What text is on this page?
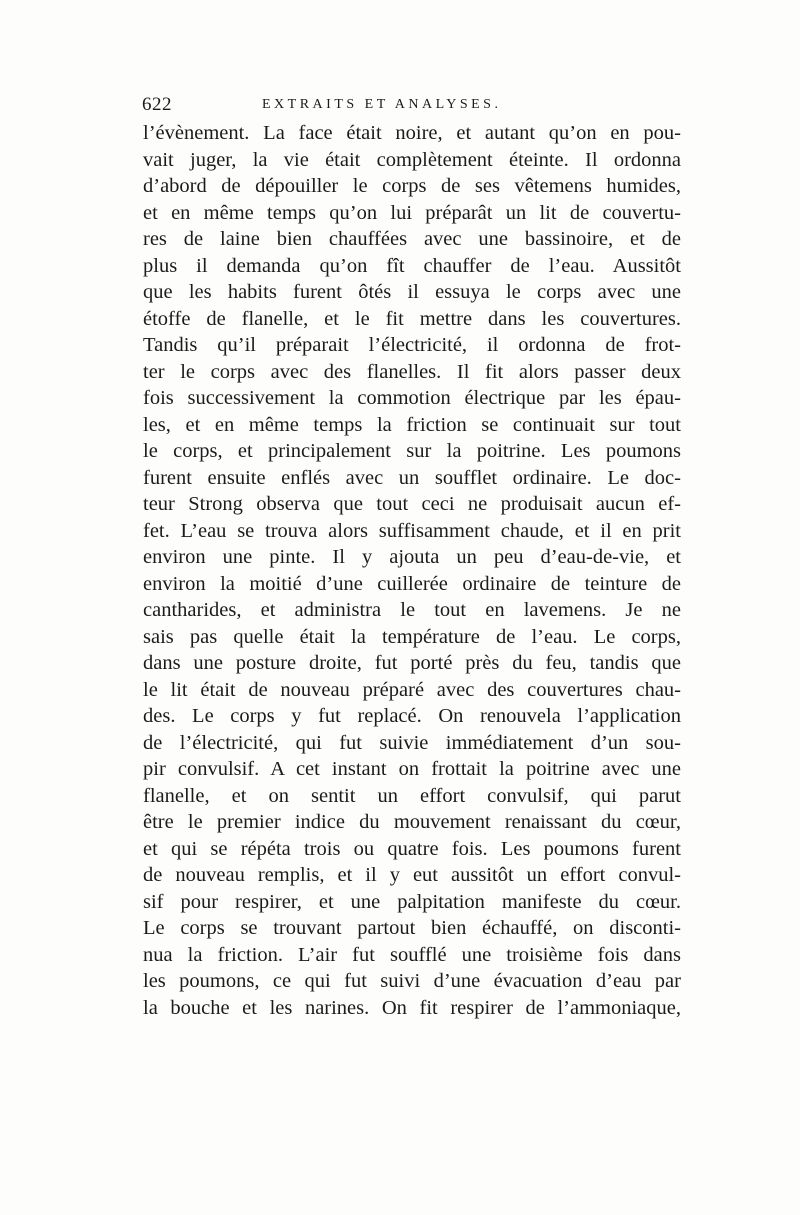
622	EXTRAITS ET ANALYSES.
l’évènement. La face était noire, et autant qu’on en pou-
vait juger, la vie était complètement éteinte. Il ordonna
d’abord de dépouiller le corps de ses vêtemens humides,
et en même temps qu’on lui préparât un lit de couvertu-
res de laine bien chauffées avec une bassinoire, et de
plus il demanda qu’on fît chauffer de l’eau. Aussitôt
que les habits furent ôtés il essuya le corps avec une
étoffe de flanelle, et le fit mettre dans les couvertures.
Tandis qu’il préparait l’électricité, il ordonna de frot-
ter le corps avec des flanelles. Il fit alors passer deux
fois successivement la commotion électrique par les épau-
les, et en même temps la friction se continuait sur tout
le corps, et principalement sur la poitrine. Les poumons
furent ensuite enflés avec un soufflet ordinaire. Le doc-
teur Strong observa que tout ceci ne produisait aucun ef-
fet. L’eau se trouva alors suffisamment chaude, et il en prit
environ une pinte. Il y ajouta un peu d’eau-de-vie, et
environ la moitié d’une cuillerée ordinaire de teinture de
cantharides, et administra le tout en lavemens. Je ne
sais pas quelle était la température de l’eau. Le corps,
dans une posture droite, fut porté près du feu, tandis que
le lit était de nouveau préparé avec des couvertures chau-
des. Le corps y fut replacé. On renouvela l’application
de l’électricité, qui fut suivie immédiatement d’un sou-
pir convulsif. A cet instant on frottait la poitrine avec une
flanelle, et on sentit un effort convulsif, qui parut
être le premier indice du mouvement renaissant du cœur,
et qui se répéta trois ou quatre fois. Les poumons furent
de nouveau remplis, et il y eut aussitôt un effort convul-
sif pour respirer, et une palpitation manifeste du cœur.
Le corps se trouvant partout bien échauffé, on disconti-
nua la friction. L’air fut soufflé une troisième fois dans
les poumons, ce qui fut suivi d’une évacuation d’eau par
la bouche et les narines. On fit respirer de l’ammoniaque,
